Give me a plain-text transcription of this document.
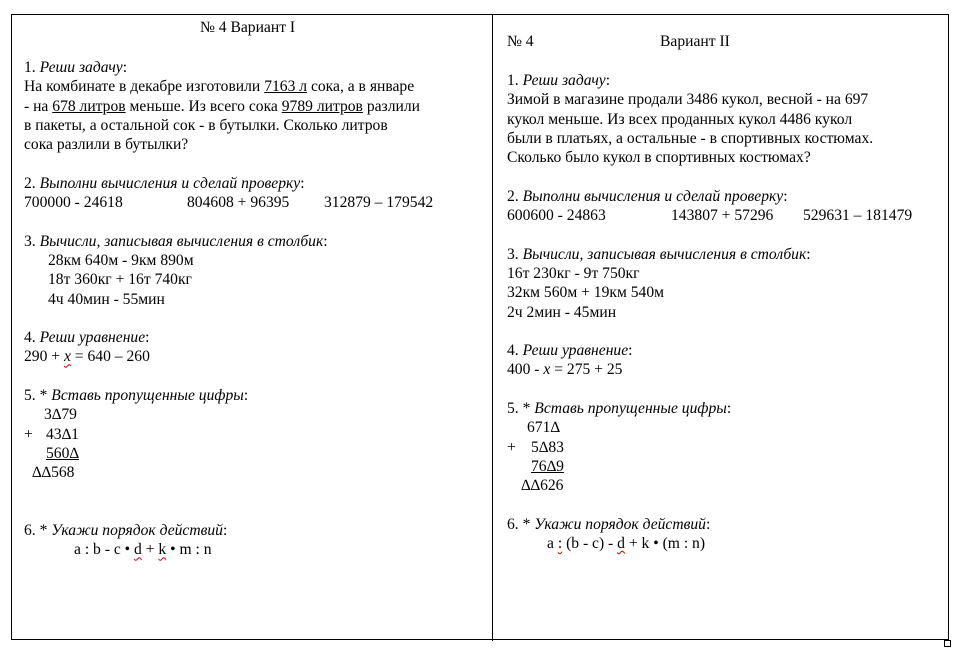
№ 4 Вариант I
1. Реши задачу:
На комбинате в декабре изготовили 7163 л сока, а в январе
- на 678 литров меньше. Из всего сока 9789 литров разлили
в пакеты, а остальной сок - в бутылки. Сколько литров
сока разлили в бутылки?
2. Выполни вычисления и сделай проверку:
700000 - 24618	804608 + 96395 312879 – 179542
3. Вычисли, записывая вычисления в столбик:
28км 640м - 9км 890м
18т 360кг + 16т 740кг
4ч 40мин - 55мин
4. Реши уравнение:
290 + х = 640 – 260
5. * Вставь пропущенные цифры:
3∆79
+ 43∆1
560∆
∆∆568
6. * Укажи порядок действий:
a : b - c • d + k • m : n
№ 4	Вариант II
1. Реши задачу:
Зимой в магазине продали 3486 кукол, весной - на 697
кукол меньше. Из всех проданных кукол 4486 кукол
были в платьях, а остальные - в спортивных костюмах.
Сколько было кукол в спортивных костюмах?
2. Выполни вычисления и сделай проверку:
600600 - 24863	143807 + 57296 529631 – 181479
3. Вычисли, записывая вычисления в столбик:
16т 230кг - 9т 750кг
32км 560м + 19км 540м
2ч 2мин - 45мин
4. Реши уравнение:
400 - х = 275 + 25
5. * Вставь пропущенные цифры:
671∆
+ 5∆83
76∆9
∆∆626
6. * Укажи порядок действий:
a : (b - c) - d + k • (m : n)
